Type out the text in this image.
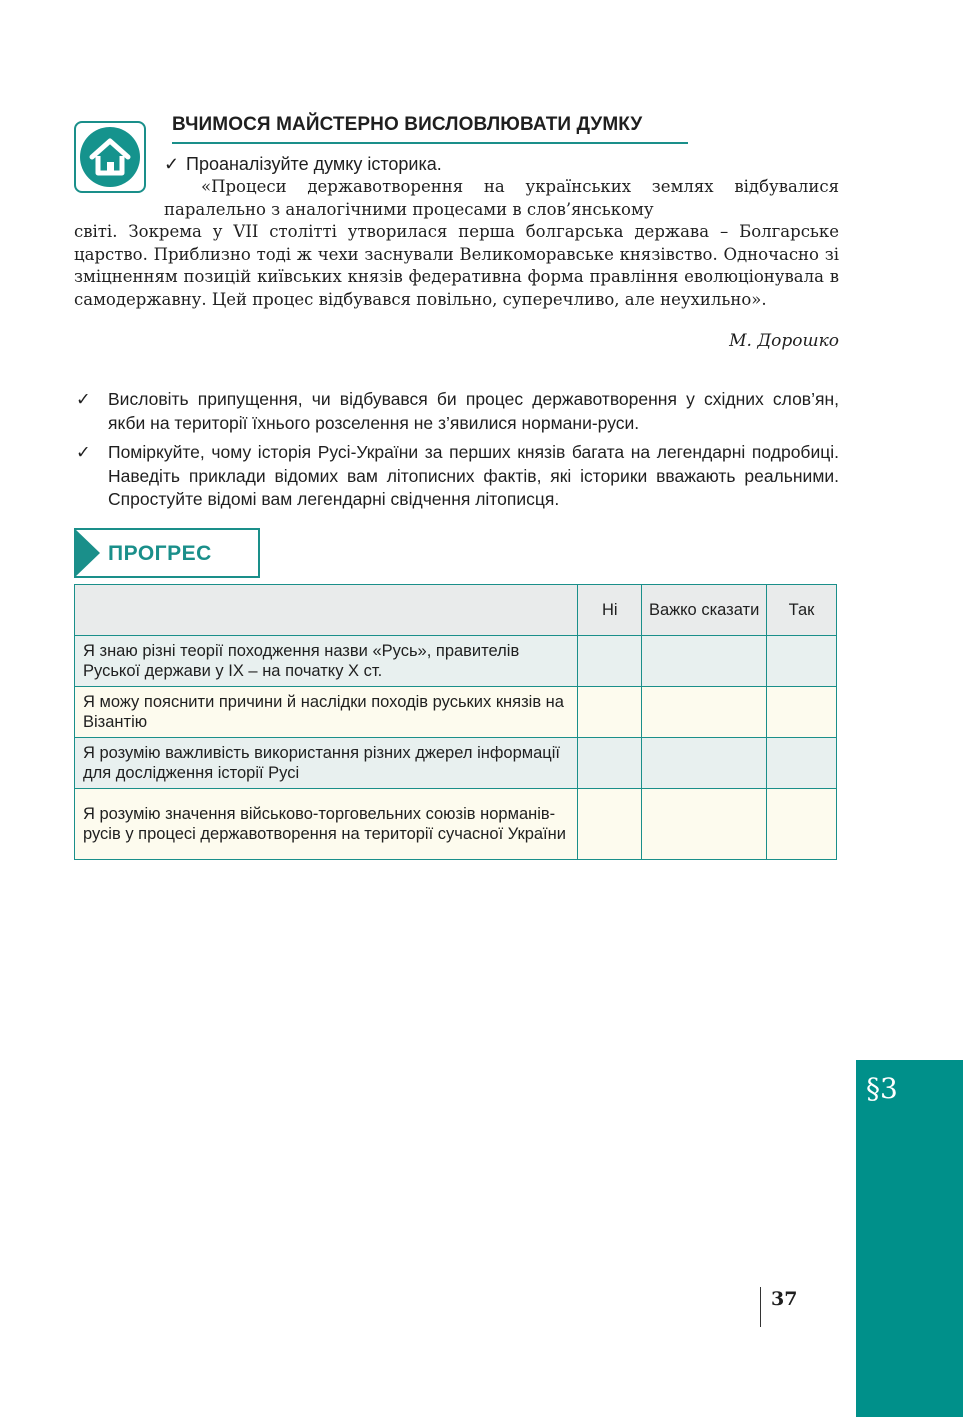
ВЧИМОСЯ МАЙСТЕРНО ВИСЛОВЛЮВАТИ ДУМКУ
✓ Проаналізуйте думку історика.

«Процеси державотворення на українських землях відбувалися паралельно з аналогічними процесами в слов’янському

світі. Зокрема у VII столітті утворилася перша болгарська держава – Болгарське царство. Приблизно тоді ж чехи заснували Великоморавське князівство. Одночасно зі зміцненням позицій київських князів федеративна форма правління еволюціонувала в самодержавну. Цей процес відбувався повільно, суперечливо, але неухильно».

М. Дорошко
✓ Висловіть припущення, чи відбувався би процес державотворення у східних слов’ян, якби на території їхнього розселення не з’явилися нормани-руси.
✓ Поміркуйте, чому історія Русі-України за перших князів багата на легендарні подробиці. Наведіть приклади відомих вам літописних фактів, які історики вважають реальними. Спростуйте відомі вам легендарні свідчення літописця.
ПРОГРЕС
	Ні	Важко сказати	Так
Я знаю різні теорії походження назви «Русь», правителів Руської держави у IX – на початку X ст.			
Я можу пояснити причини й наслідки походів руських князів на Візантію			
Я розумію важливість використання різних джерел інформації для дослідження історії Русі			
Я розумію значення військово-торговельних союзів норманів-русів у процесі державотворення на території сучасної України			
§3
37
